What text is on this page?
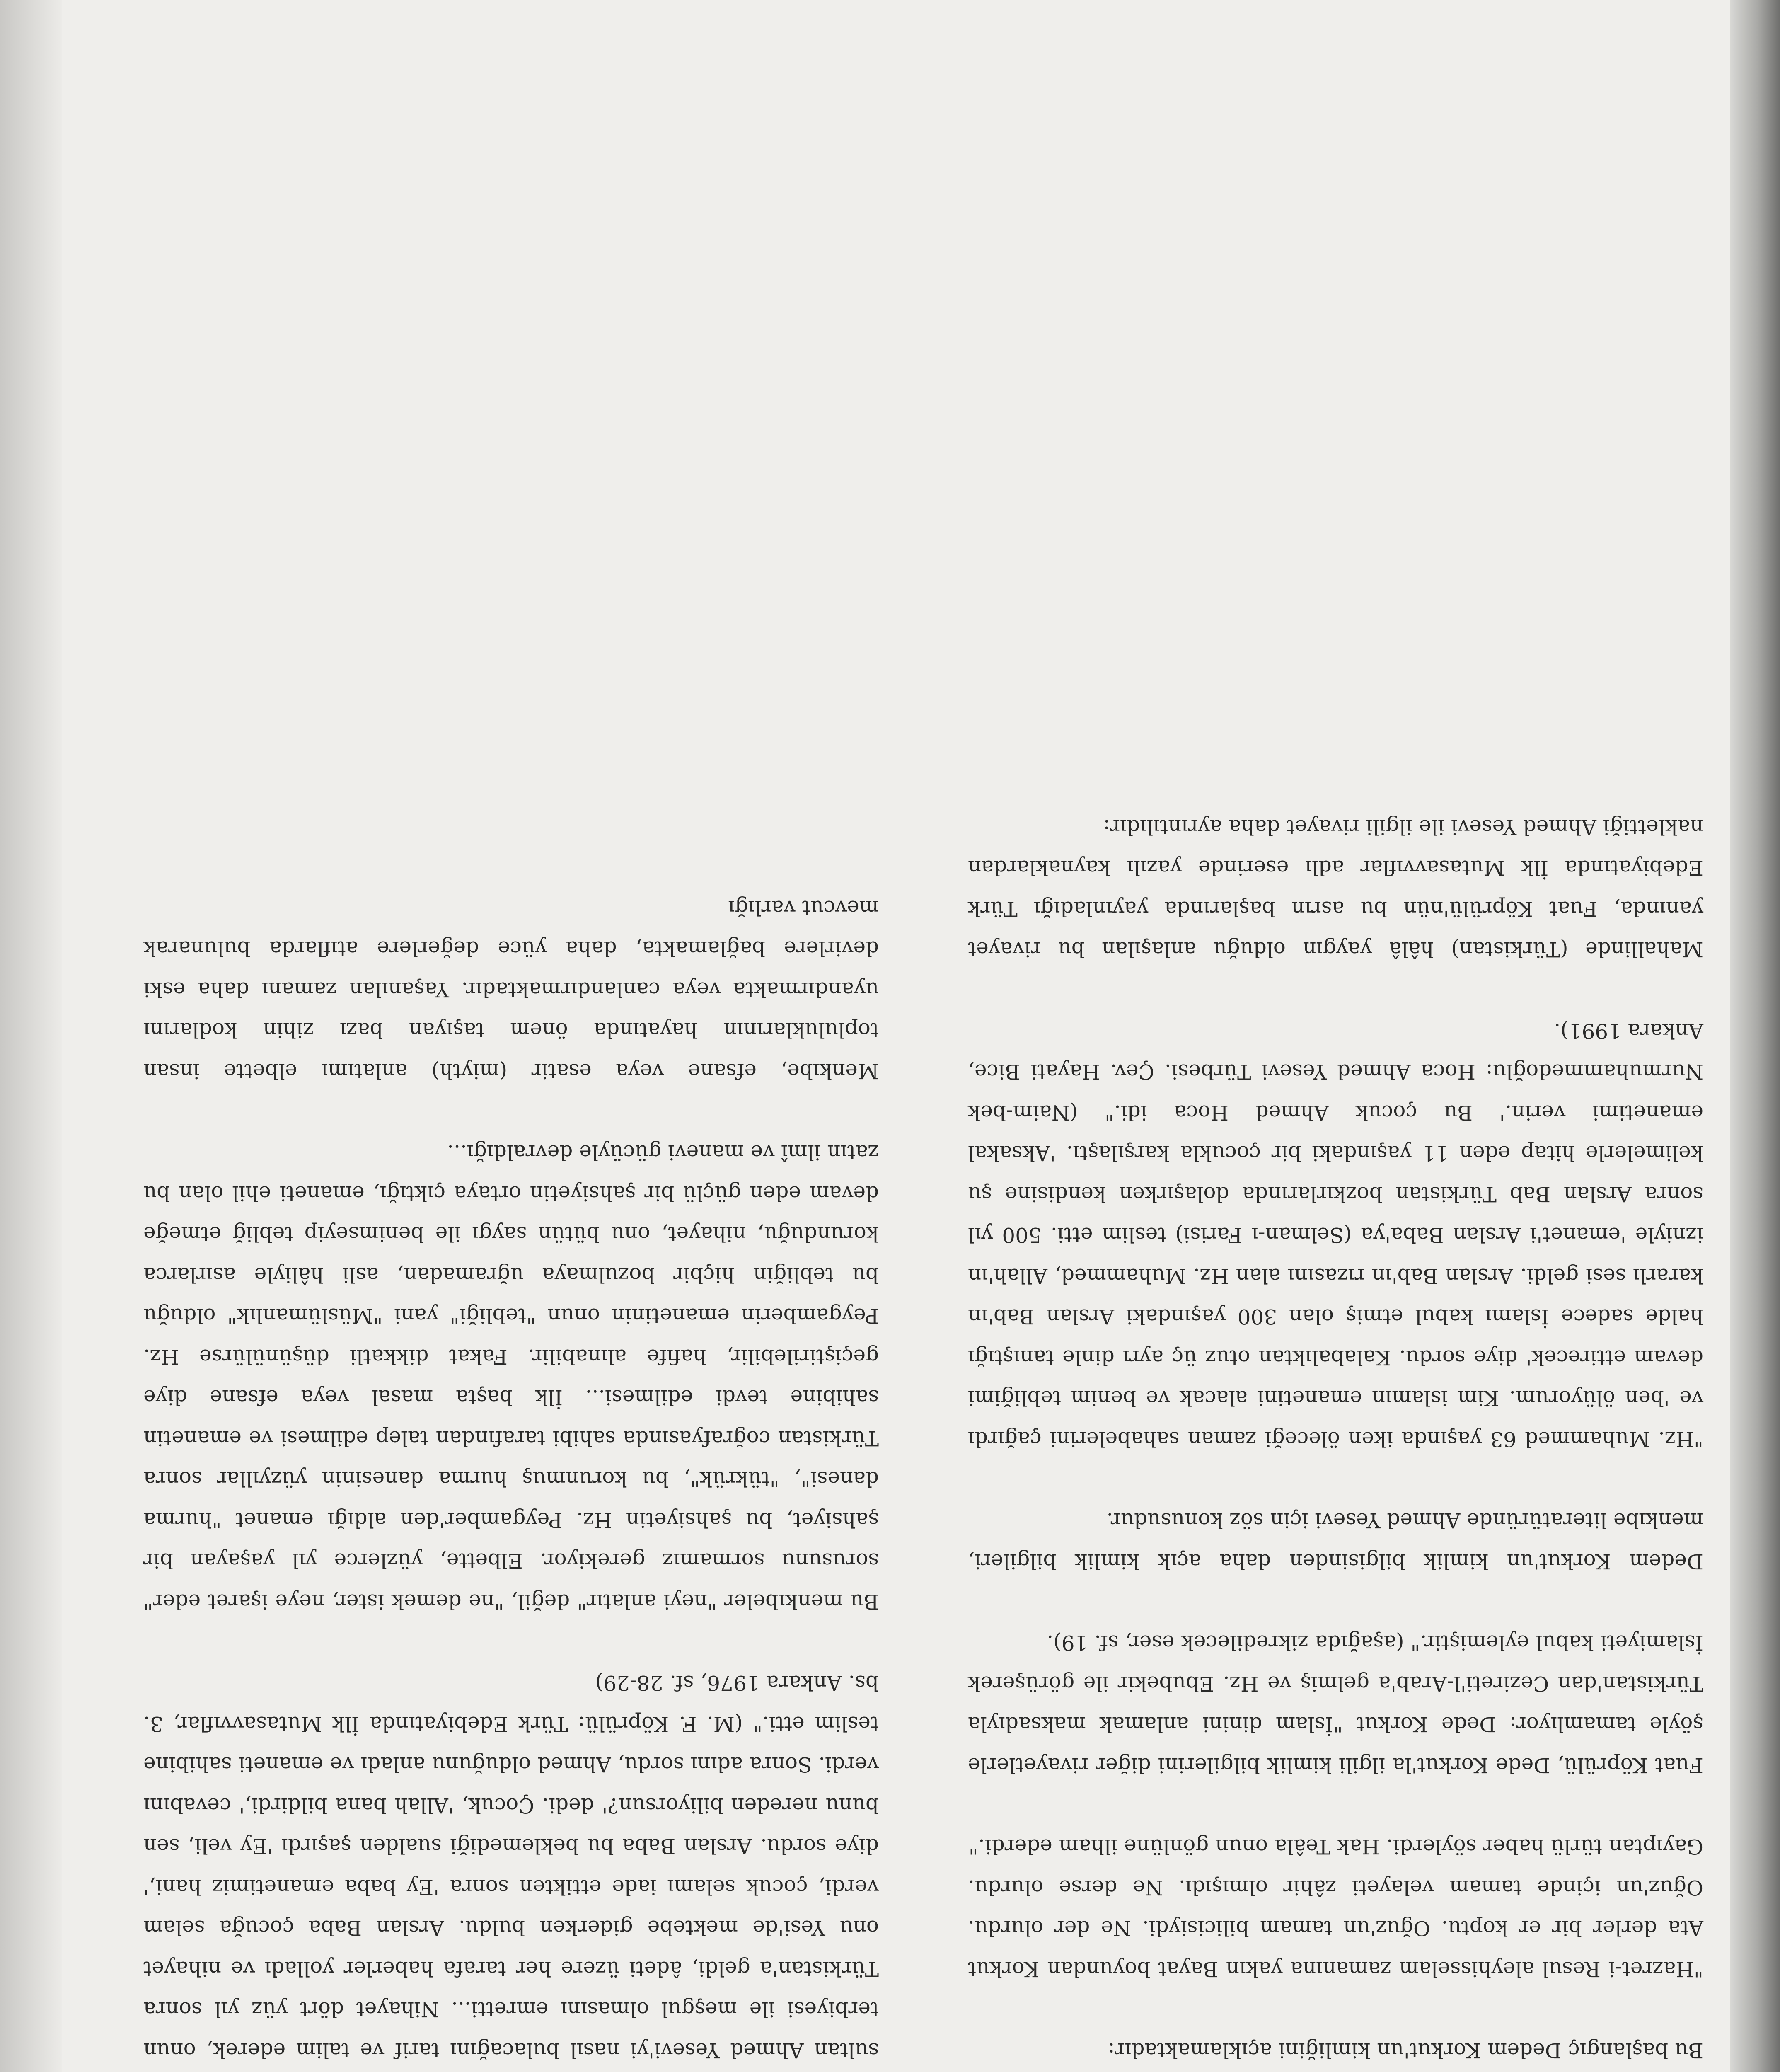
Bu başlangıç Dedem Korkut'un kimliğini açıklamaktadır:

"Hazret-i Resul aleyhisselam zamanına yakın Bayat boyundan Korkut Ata derler bir er koptu. Oğuz'un tamam bilicisiydi. Ne der olurdu. Oğuz'un içinde tamam velayeti zâhir olmışıdı. Ne derse olurdu. Gayıptan türlü haber söylerdi. Hak Teâla onun gönlüne ilham ederdi."

Fuat Köprülü, Dede Korkut'la ilgili kimlik bilgilerini diğer rivayetlerle şöyle tamamlıyor: Dede Korkut "İslam dinini anlamak maksadıyla Türkistan'dan Cezireti'l-Arab'a gelmiş ve Hz. Ebubekir ile görüşerek İslamiyeti kabul eylemiştir." (aşağıda zikredilecek eser, sf. 19).

Dedem Korkut'un kimlik bilgisinden daha açık kimlik bilgileri, menkıbe literatüründe Ahmed Yesevi için söz konusudur.

"Hz. Muhammed 63 yaşında iken öleceği zaman sahabelerini çağırdı ve 'ben ölüyorum. Kim islamın emanetini alacak ve benim tebliğimi devam ettirecek' diye sordu. Kalabalıktan otuz üç ayrı dinle tanıştığı halde sadece İslamı kabul etmiş olan 300 yaşındaki Arslan Bab'ın kararlı sesi geldi. Arslan Bab'ın rızasını alan Hz. Muhammed, Allah'ın izniyle 'emanet'i Arslan Baba'ya (Selman-ı Farisi) teslim etti. 500 yıl sonra Arslan Bab Türkistan bozkırlarında dolaşırken kendisine şu kelimelerle hitap eden 11 yaşındaki bir çocukla karşılaştı. 'Aksakal emanetimi verin.' Bu çocuk Ahmed Hoca idi." (Naim-bek Nurmuhammedoğlu: Hoca Ahmed Yesevi Türbesi. Çev. Hayati Bice, Ankara 1991).

Mahallinde (Türkistan) hâlâ yaygın olduğu anlaşılan bu rivayet yanında, Fuat Köprülü'nün bu asrın başlarında yayınladığı Türk Edebiyatında İlk Mutasavvıflar adlı eserinde yazılı kaynaklardan naklettiği Ahmed Yesevi ile ilgili rivayet daha ayrıntılıdır:

sultan Ahmed Yesevi'yi nasıl bulacağını tarif ve talim ederek, onun terbiyesi ile meşgul olmasını emretti... Nihayet dört yüz yıl sonra Türkistan'a geldi, âdeti üzere her tarafa haberler yolladı ve nihayet onu Yesi'de mektebe giderken buldu. Arslan Baba çocuğa selam verdi, çocuk selamı iade ettikten sonra 'Ey baba emanetimiz hani,' diye sordu. Arslan Baba bu beklemediği sualden şaşırdı 'Ey veli, sen bunu nereden biliyorsun?' dedi. Çocuk, 'Allah bana bildirdi,' cevabını verdi. Sonra adını sordu, Ahmed olduğunu anladı ve emaneti sahibine teslim etti." (M. F. Köprülü: Türk Edebiyatında İlk Mutasavvıflar, 3. bs. Ankara 1976, sf. 28-29)

Bu menkıbeler "neyi anlatır" değil, "ne demek ister, neye işaret eder" sorusunu sormamız gerekiyor. Elbette, yüzlerce yıl yaşayan bir şahsiyet, bu şahsiyetin Hz. Peygamber'den aldığı emanet "hurma danesi", "tükrük", bu korunmuş hurma danesinin yüzyıllar sonra Türkistan coğrafyasında sahibi tarafından talep edilmesi ve emanetin sahibine tevdi edilmesi... İlk başta masal veya efsane diye geçiştirilebilir, hafife alınabilir. Fakat dikkatli düşünülürse Hz. Peygamberin emanetinin onun "tebliği" yani "Müslümanlık" olduğu bu tebliğin hiçbir bozulmaya uğramadan, asli hâliyle asırlarca korunduğu, nihayet, onu bütün saygı ile benimseyip tebliğ etmeğe devam eden güçlü bir şahsiyetin ortaya çıktığı, emaneti ehil olan bu zatın ilmî ve manevi gücüyle devraldığı...

Menkıbe, efsane veya esatir (miyth) anlatımı elbette insan topluluklarının hayatında önem taşıyan bazı zihin kodlarını uyandırmakta veya canlandırmaktadır. Yaşanılan zamanı daha eski devirlere bağlamakta, daha yüce değerlere atıflarda bulunarak mevcut varlığı
